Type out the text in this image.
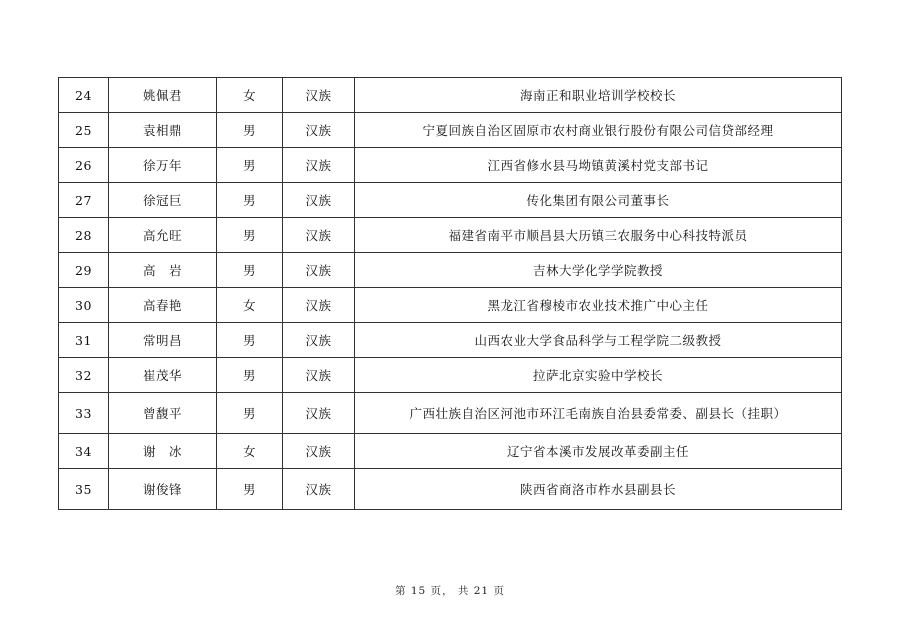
24	姚佩君	女	汉族	海南正和职业培训学校校长
25	袁相鼎	男	汉族	宁夏回族自治区固原市农村商业银行股份有限公司信贷部经理
26	徐万年	男	汉族	江西省修水县马坳镇黄溪村党支部书记
27	徐冠巨	男	汉族	传化集团有限公司董事长
28	高允旺	男	汉族	福建省南平市顺昌县大历镇三农服务中心科技特派员
29	高　岩	男	汉族	吉林大学化学学院教授
30	高春艳	女	汉族	黑龙江省穆棱市农业技术推广中心主任
31	常明昌	男	汉族	山西农业大学食品科学与工程学院二级教授
32	崔茂华	男	汉族	拉萨北京实验中学校长
33	曾馥平	男	汉族	广西壮族自治区河池市环江毛南族自治县委常委、副县长（挂职）
34	谢　冰	女	汉族	辽宁省本溪市发展改革委副主任
35	谢俊锋	男	汉族	陕西省商洛市柞水县副县长
第 15 页， 共 21 页
